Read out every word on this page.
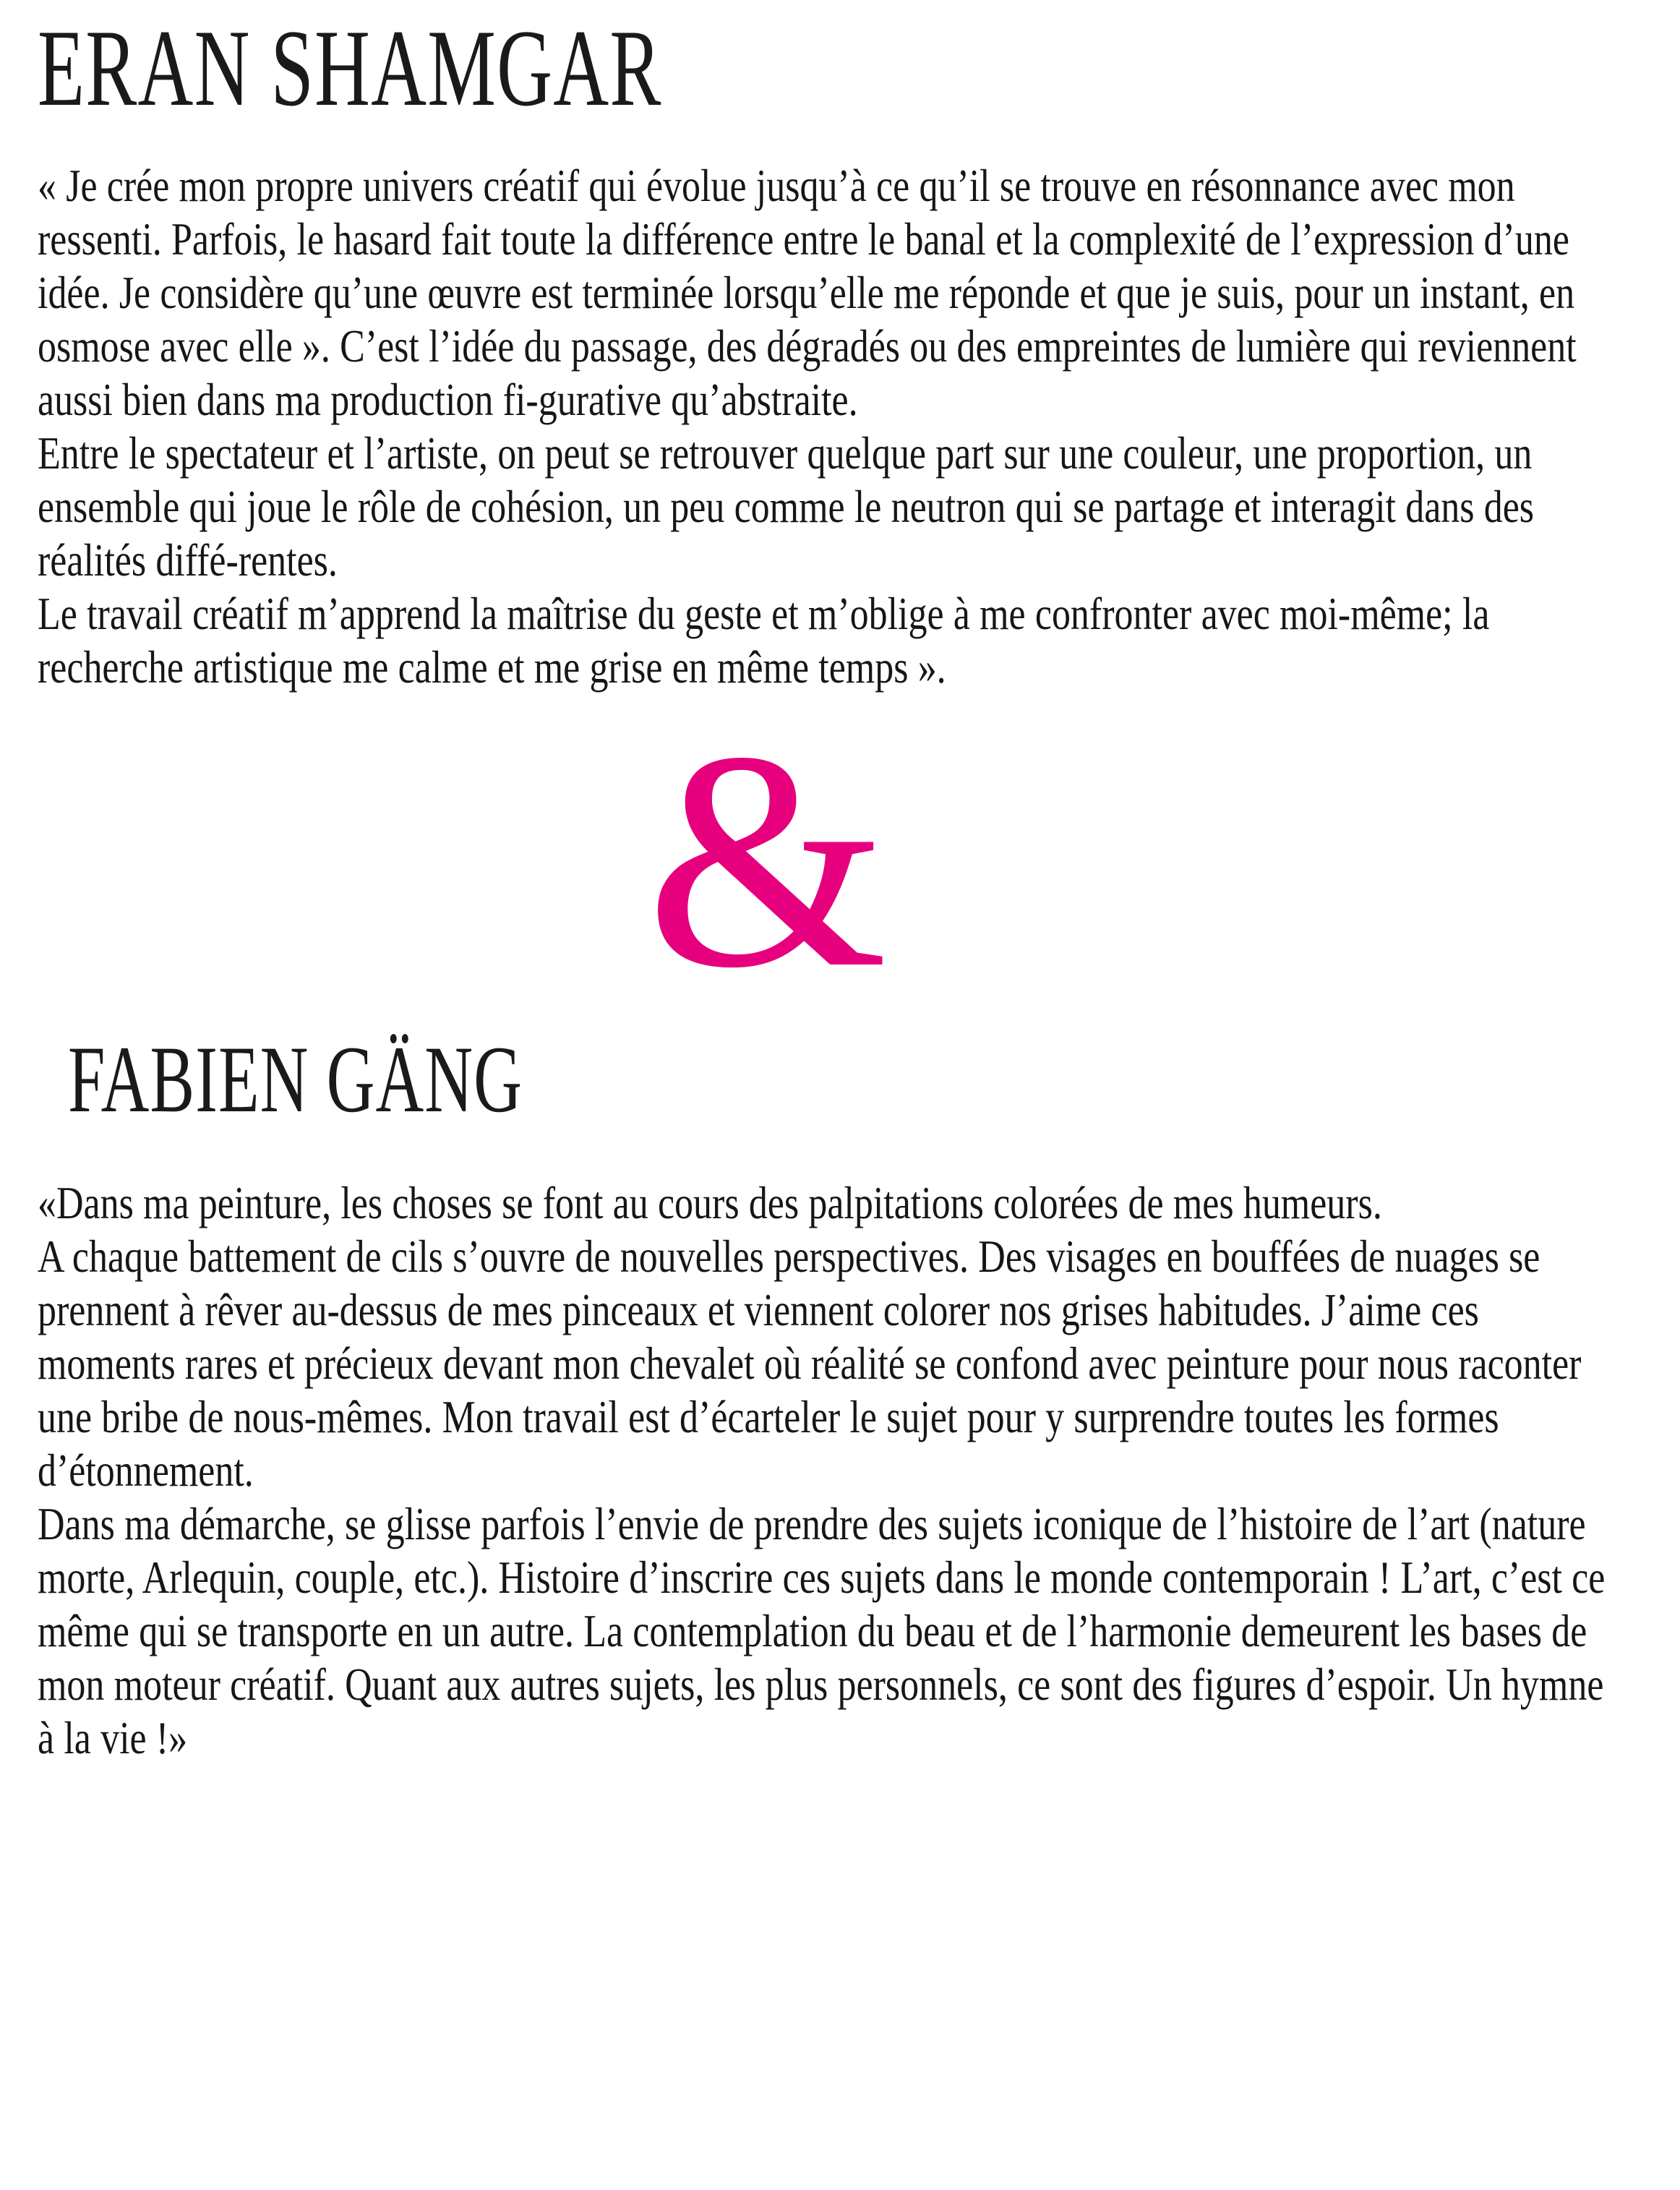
ERAN SHAMGAR

« Je crée mon propre univers créatif qui évolue jusqu’à ce qu’il se trouve en résonnance avec mon ressenti. Parfois, le hasard fait toute la différence entre le banal et la complexité de l’expression d’une idée. Je considère qu’une œuvre est terminée lorsqu’elle me réponde et que je suis, pour un instant, en osmose avec elle ». C’est l’idée du passage, des dégradés ou des empreintes de lumière qui reviennent aussi bien dans ma production fi-gurative qu’abstraite.

Entre le spectateur et l’artiste, on peut se retrouver quelque part sur une couleur, une proportion, un ensemble qui joue le rôle de cohésion, un peu comme le neutron qui se partage et interagit dans des réalités diffé-rentes.

Le travail créatif m’apprend la maîtrise du geste et m’oblige à me confronter avec moi-même; la recherche artistique me calme et me grise en même temps ».

&
FABIEN GÄNG

«Dans ma peinture, les choses se font au cours des palpitations colorées de mes humeurs.

A chaque battement de cils s’ouvre de nouvelles perspectives. Des visages en bouffées de nuages se prennent à rêver au-dessus de mes pinceaux et viennent colorer nos grises habitudes. J’aime ces moments rares et précieux devant mon chevalet où réalité se confond avec peinture pour nous raconter une bribe de nous-mêmes. Mon travail est d’écarteler le sujet pour y surprendre toutes les formes d’étonnement.

Dans ma démarche, se glisse parfois l’envie de prendre des sujets iconique de l’histoire de l’art (nature morte, Arlequin, couple, etc.). Histoire d’inscrire ces sujets dans le monde contemporain ! L’art, c’est ce même qui se transporte en un autre. La contemplation du beau et de l’harmonie demeurent les bases de mon moteur créatif. Quant aux autres sujets, les plus personnels, ce sont des figures d’espoir. Un hymne à la vie !»
